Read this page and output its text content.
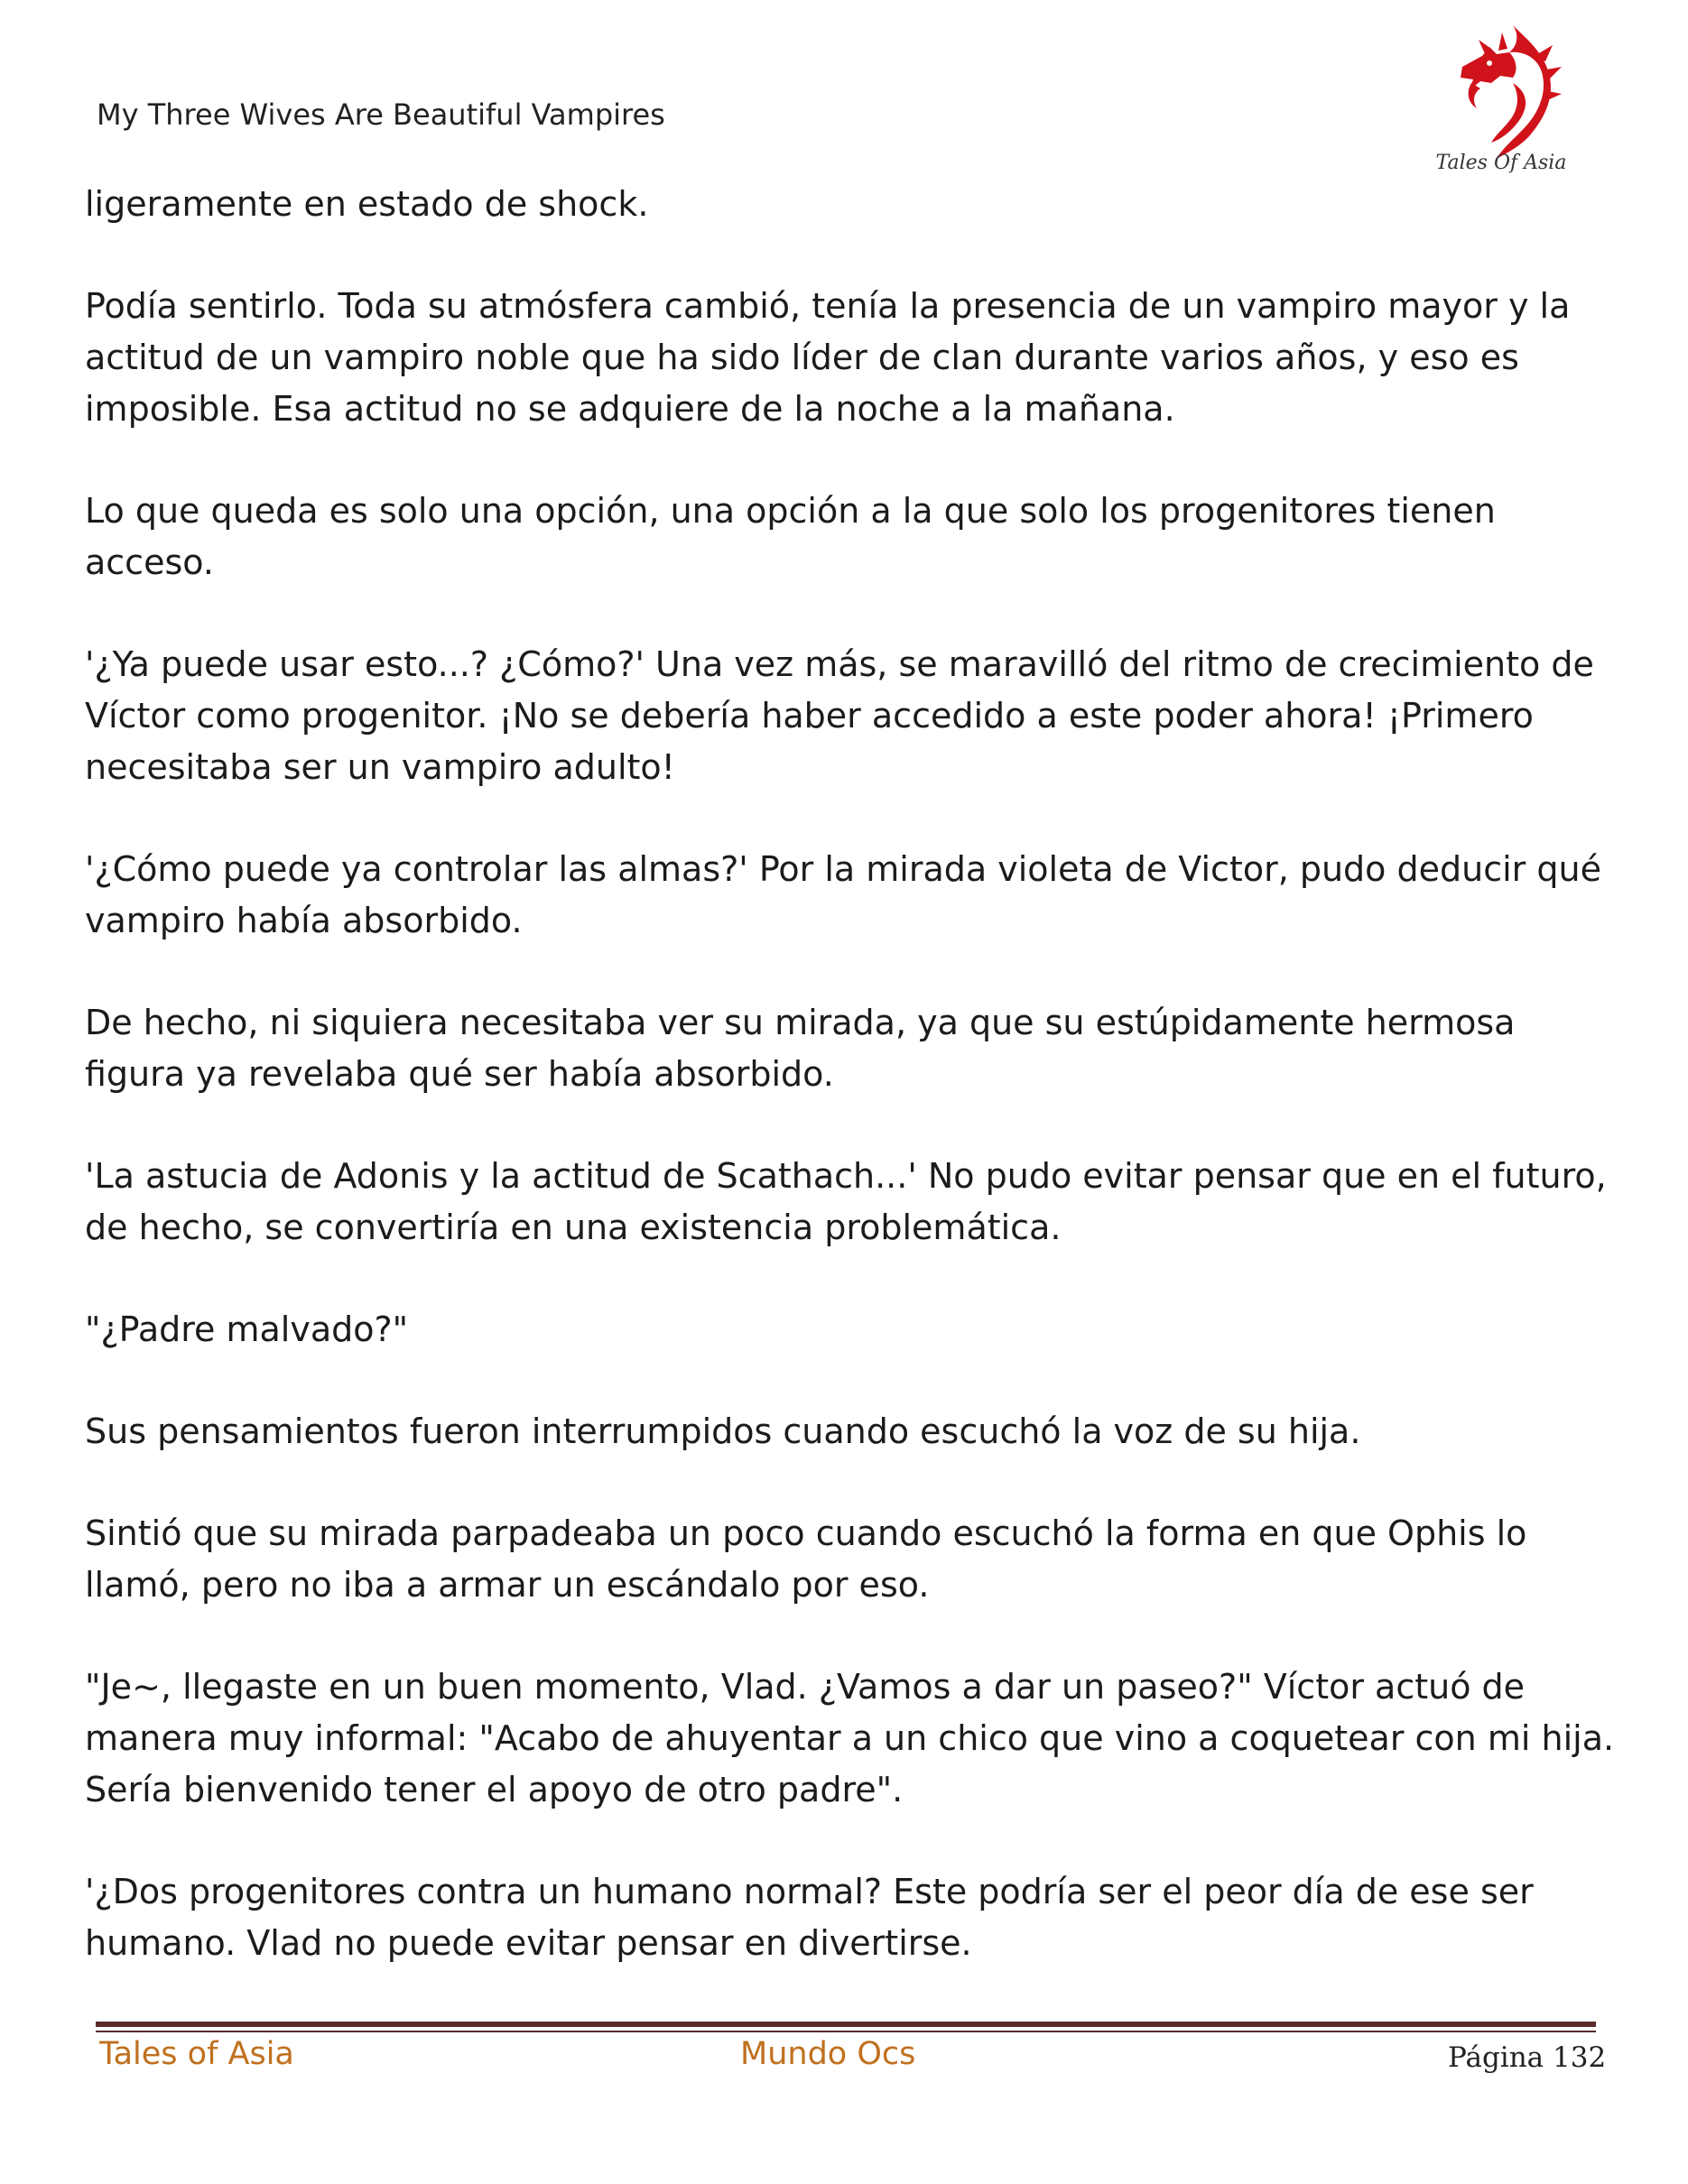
My Three Wives Are Beautiful Vampires
Tales Of Asia

ligeramente en estado de shock.

Podía sentirlo. Toda su atmósfera cambió, tenía la presencia de un vampiro mayor y la actitud de un vampiro noble que ha sido líder de clan durante varios años, y eso es imposible. Esa actitud no se adquiere de la noche a la mañana.

Lo que queda es solo una opción, una opción a la que solo los progenitores tienen acceso.

'¿Ya puede usar esto...? ¿Cómo?' Una vez más, se maravilló del ritmo de crecimiento de Víctor como progenitor. ¡No se debería haber accedido a este poder ahora! ¡Primero necesitaba ser un vampiro adulto!

'¿Cómo puede ya controlar las almas?' Por la mirada violeta de Victor, pudo deducir qué vampiro había absorbido.

De hecho, ni siquiera necesitaba ver su mirada, ya que su estúpidamente hermosa figura ya revelaba qué ser había absorbido.

'La astucia de Adonis y la actitud de Scathach...' No pudo evitar pensar que en el futuro, de hecho, se convertiría en una existencia problemática.

"¿Padre malvado?"

Sus pensamientos fueron interrumpidos cuando escuchó la voz de su hija.

Sintió que su mirada parpadeaba un poco cuando escuchó la forma en que Ophis lo llamó, pero no iba a armar un escándalo por eso.

"Je~, llegaste en un buen momento, Vlad. ¿Vamos a dar un paseo?" Víctor actuó de manera muy informal: "Acabo de ahuyentar a un chico que vino a coquetear con mi hija. Sería bienvenido tener el apoyo de otro padre".

'¿Dos progenitores contra un humano normal? Este podría ser el peor día de ese ser humano. Vlad no puede evitar pensar en divertirse.

Tales of Asia	Mundo Ocs	Página 132
